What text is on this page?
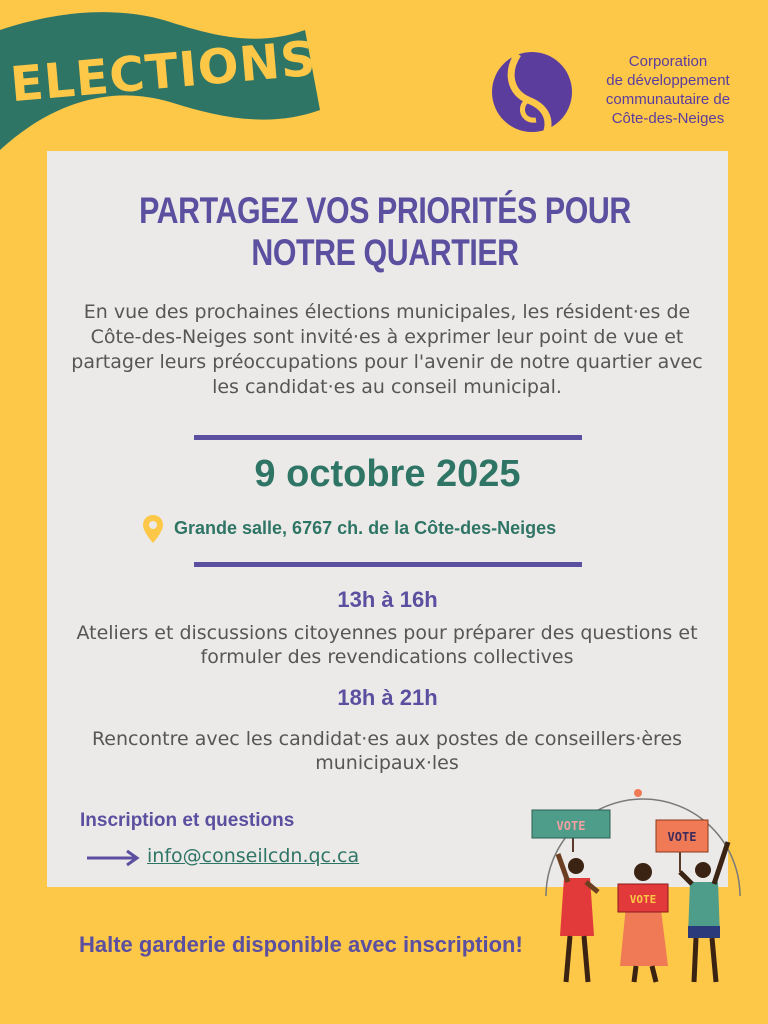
ELECTIONS	Corporation
de développement
communautaire de
Côte-des-Neiges
PARTAGEZ VOS PRIORITÉS POUR NOTRE QUARTIER
En vue des prochaines élections municipales, les résident·es de Côte-des-Neiges sont invité·es à exprimer leur point de vue et partager leurs préoccupations pour l'avenir de notre quartier avec les candidat·es au conseil municipal.
9 octobre 2025
Grande salle, 6767 ch. de la Côte-des-Neiges
13h à 16h
Ateliers et discussions citoyennes pour préparer des questions et formuler des revendications collectives
18h à 21h
Rencontre avec les candidat·es aux postes de conseillers·ères municipaux·les
Inscription et questions
info@conseilcdn.qc.ca
Halte garderie disponible avec inscription!
VOTE
VOTE
VOTE
